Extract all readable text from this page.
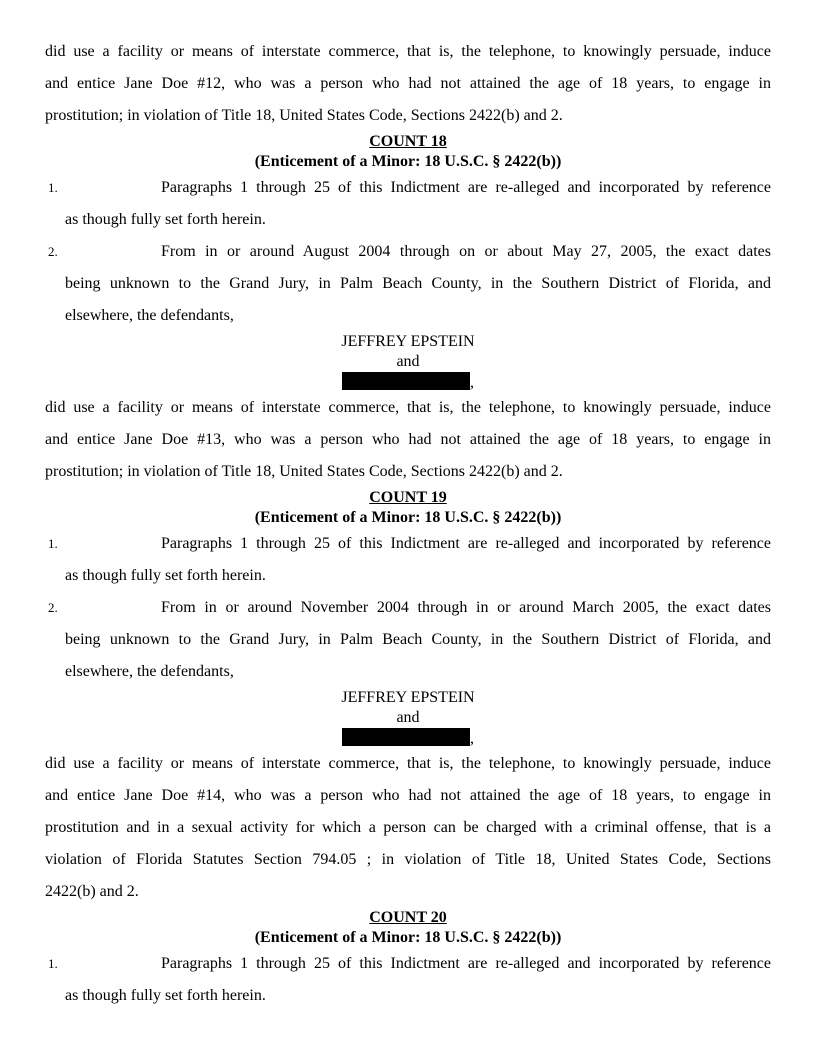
did use a facility or means of interstate commerce, that is, the telephone, to knowingly persuade, induce
and entice Jane Doe #12, who was a person who had not attained the age of 18 years, to engage in
prostitution; in violation of Title 18, United States Code, Sections 2422(b) and 2.
COUNT 18
(Enticement of a Minor: 18 U.S.C. § 2422(b))
1.	Paragraphs 1 through 25 of this Indictment are re-alleged and incorporated by reference
as though fully set forth herein.
2.	From in or around August 2004 through on or about May 27, 2005, the exact dates
being unknown to the Grand Jury, in Palm Beach County, in the Southern District of Florida, and
elsewhere, the defendants,
JEFFREY EPSTEIN
and
,
did use a facility or means of interstate commerce, that is, the telephone, to knowingly persuade, induce
and entice Jane Doe #13, who was a person who had not attained the age of 18 years, to engage in
prostitution; in violation of Title 18, United States Code, Sections 2422(b) and 2.
COUNT 19
(Enticement of a Minor: 18 U.S.C. § 2422(b))
1.	Paragraphs 1 through 25 of this Indictment are re-alleged and incorporated by reference
as though fully set forth herein.
2.	From in or around November 2004 through in or around March 2005, the exact dates
being unknown to the Grand Jury, in Palm Beach County, in the Southern District of Florida, and
elsewhere, the defendants,
JEFFREY EPSTEIN
and
,
did use a facility or means of interstate commerce, that is, the telephone, to knowingly persuade, induce
and entice Jane Doe #14, who was a person who had not attained the age of 18 years, to engage in
prostitution and in a sexual activity for which a person can be charged with a criminal offense, that is a
violation of Florida Statutes Section 794.05 ; in violation of Title 18, United States Code, Sections
2422(b) and 2.
COUNT 20
(Enticement of a Minor: 18 U.S.C. § 2422(b))
1.	Paragraphs 1 through 25 of this Indictment are re-alleged and incorporated by reference
as though fully set forth herein.
